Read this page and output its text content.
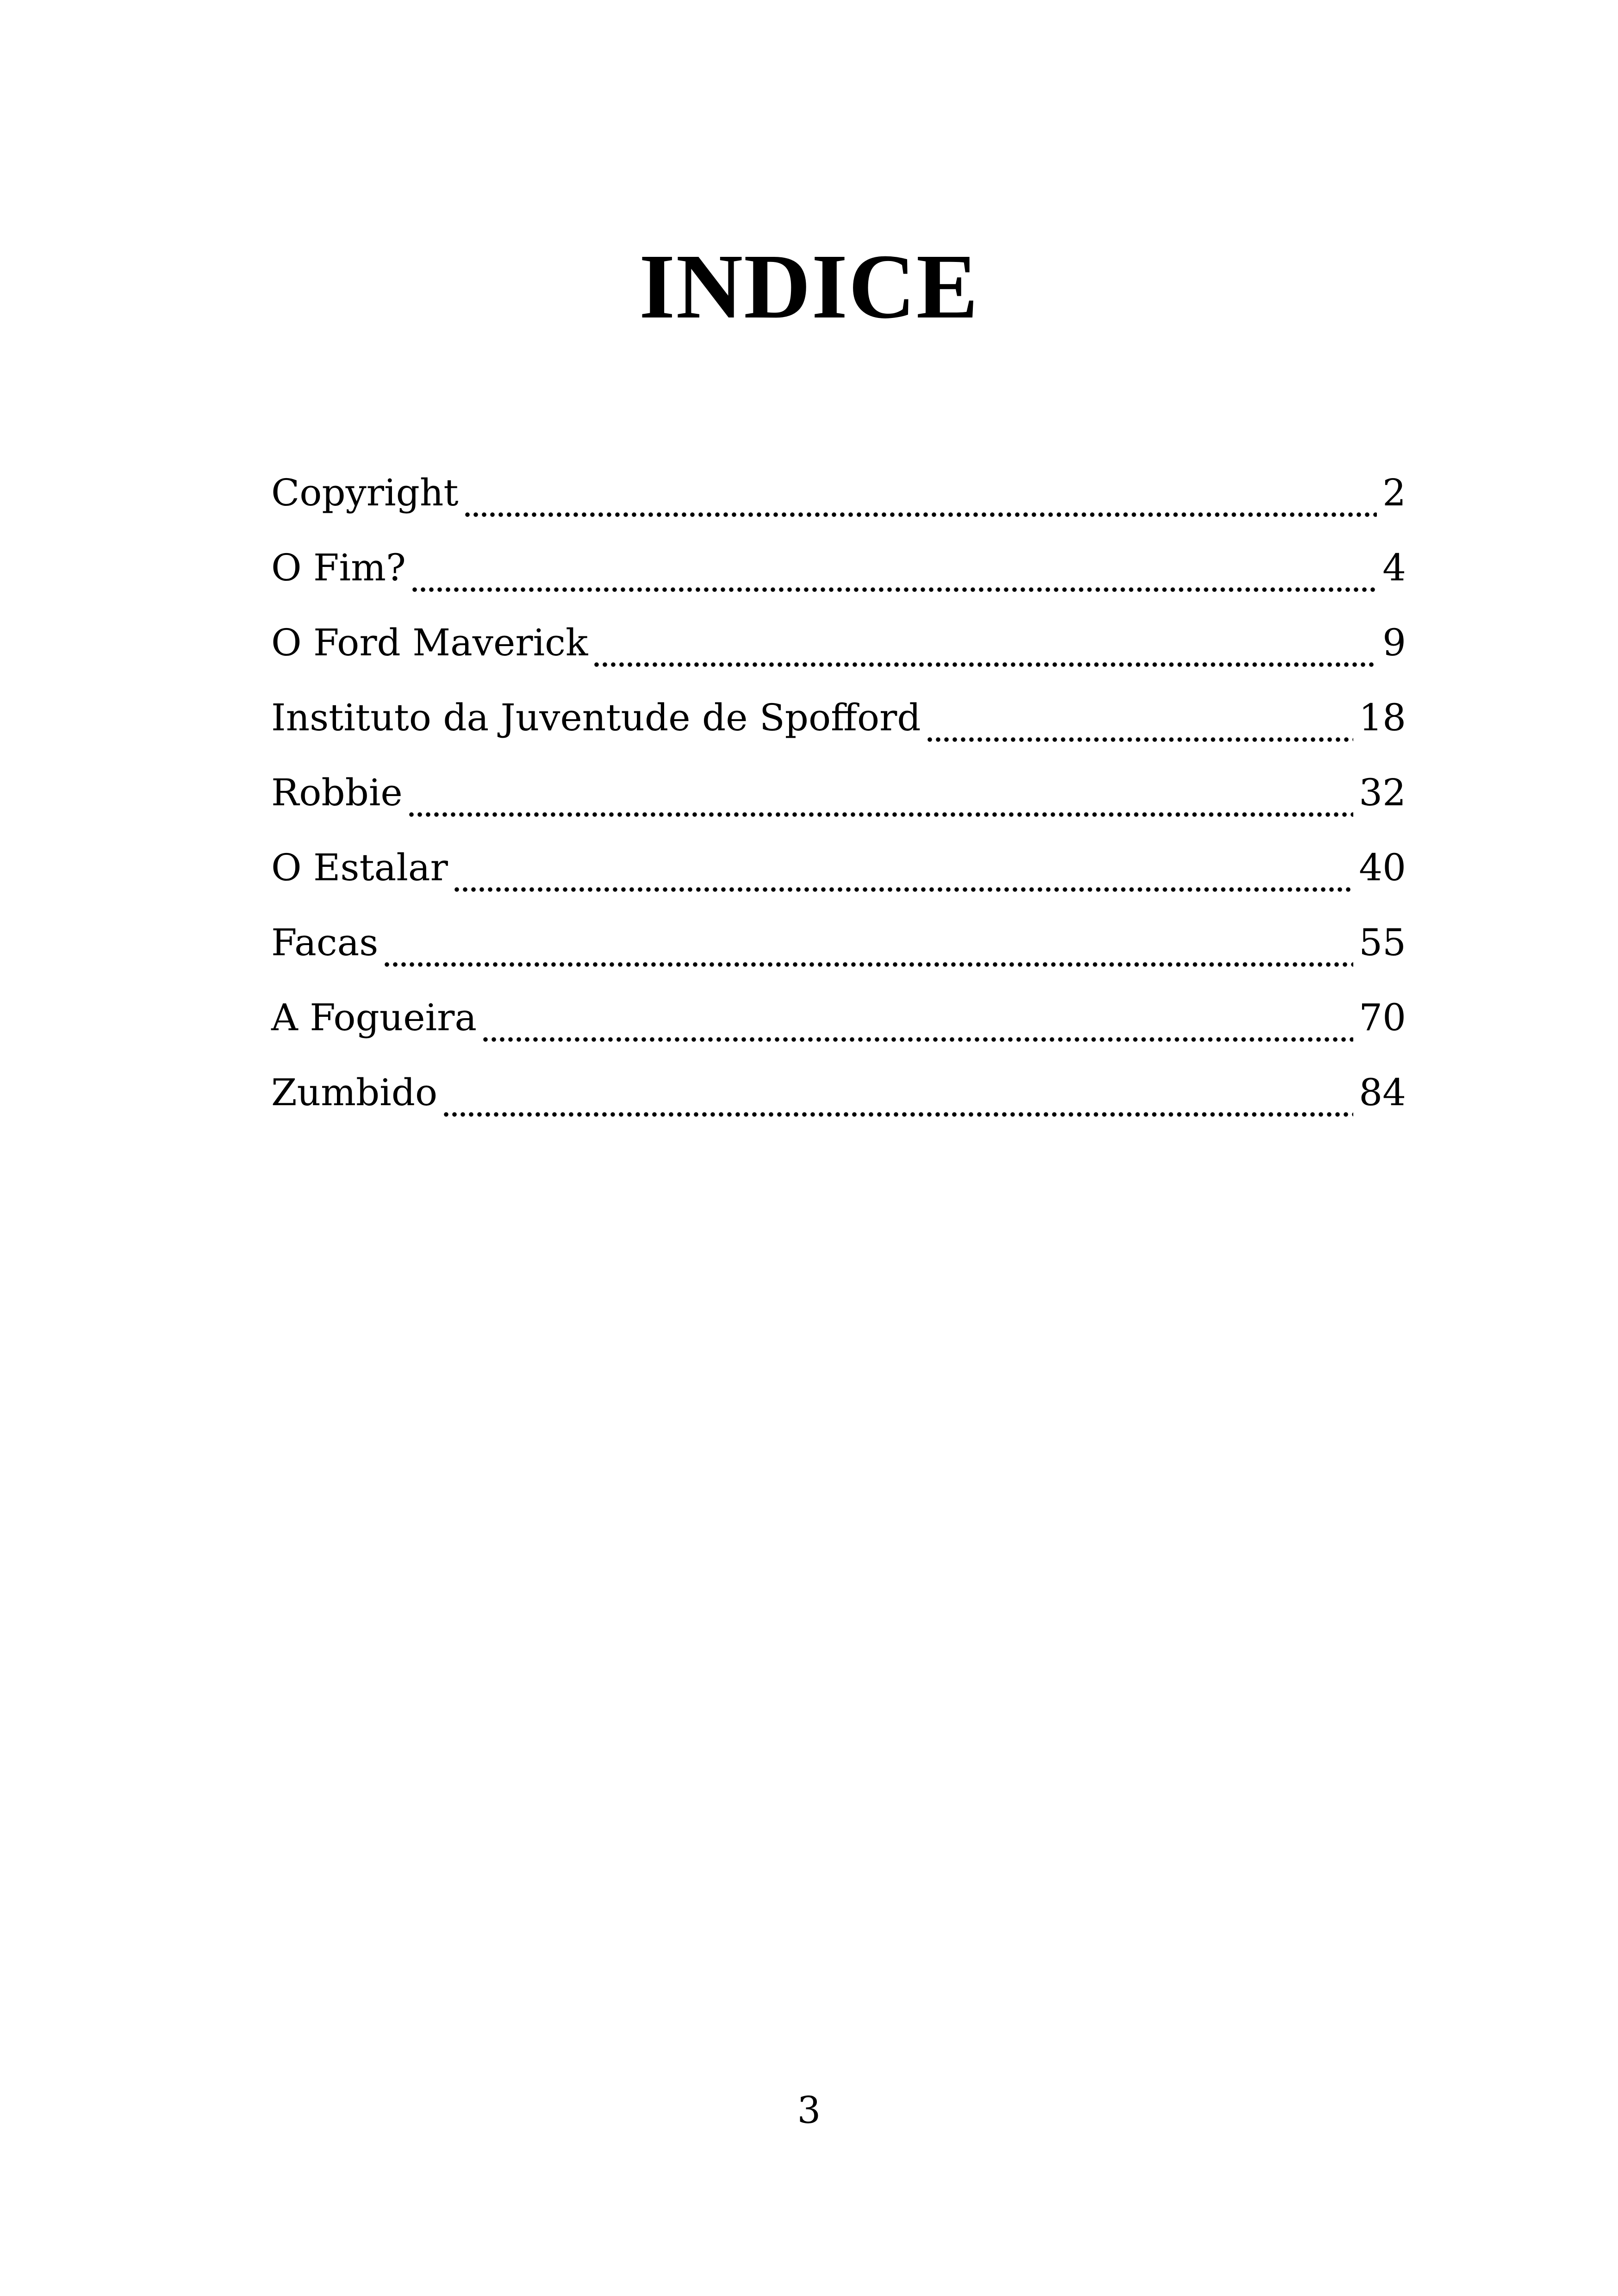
INDICE
Copyright	2
O Fim?	4
O Ford Maverick	9
Instituto da Juventude de Spofford	18
Robbie	32
O Estalar	40
Facas	55
A Fogueira	70
Zumbido	84
3
